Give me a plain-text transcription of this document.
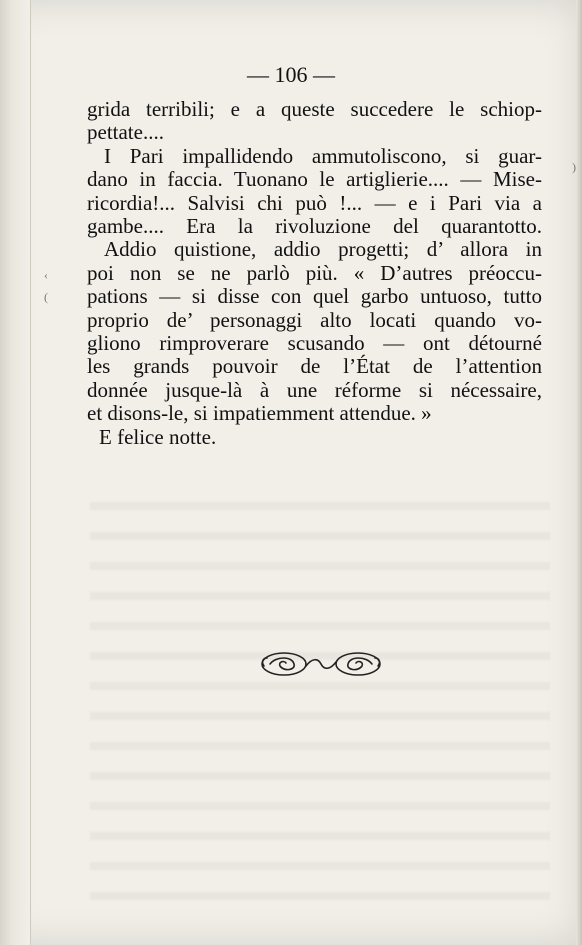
— 106 —
grida terribili; e a queste succedere le schiop-
pettate....
I Pari impallidendo ammutoliscono, si guar-
dano in faccia. Tuonano le artiglierie.... — Mise-
ricordia!... Salvisi chi può !... — e i Pari via a
gambe.... Era la rivoluzione del quarantotto.
Addio quistione, addio progetti; d’ allora in
poi non se ne parlò più. « D’autres préoccu-
pations — si disse con quel garbo untuoso, tutto
proprio de’ personaggi alto locati quando vo-
gliono rimproverare scusando — ont détourné
les grands pouvoir de l’État de l’attention
donnée jusque-là à une réforme si nécessaire,
et disons-le, si impatiemment attendue. »
E felice notte.
‹
(
)
